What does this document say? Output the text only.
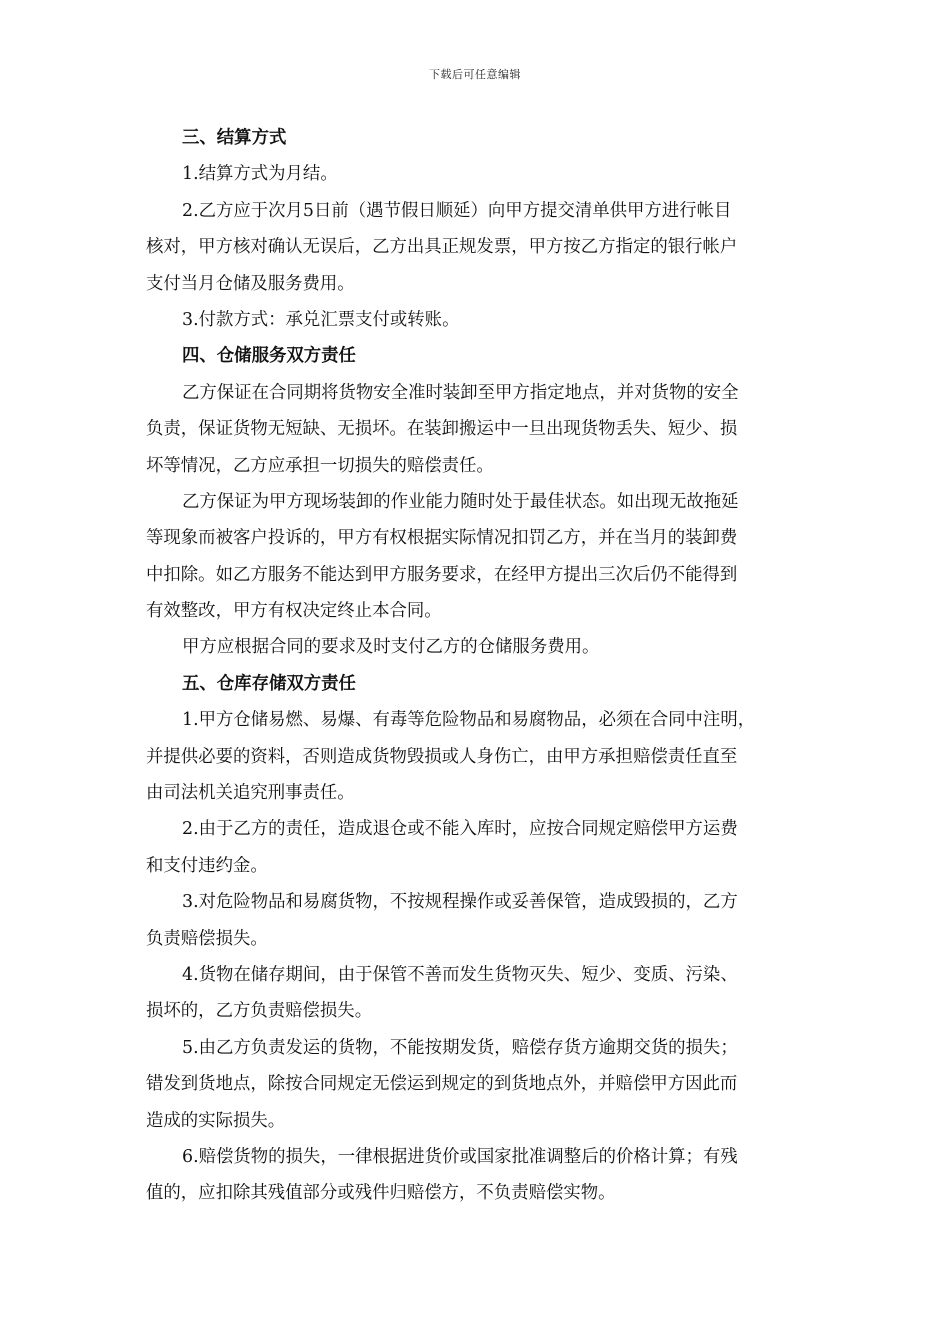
下载后可任意编辑
三、结算方式
1.结算方式为月结。
2.乙方应于次月5日前（遇节假日顺延）向甲方提交清单供甲方进行帐目
核对，甲方核对确认无误后，乙方出具正规发票，甲方按乙方指定的银行帐户
支付当月仓储及服务费用。
3.付款方式：承兑汇票支付或转账。
四、仓储服务双方责任
乙方保证在合同期将货物安全准时装卸至甲方指定地点，并对货物的安全
负责，保证货物无短缺、无损坏。在装卸搬运中一旦出现货物丢失、短少、损
坏等情况，乙方应承担一切损失的赔偿责任。
乙方保证为甲方现场装卸的作业能力随时处于最佳状态。如出现无故拖延
等现象而被客户投诉的，甲方有权根据实际情况扣罚乙方，并在当月的装卸费
中扣除。如乙方服务不能达到甲方服务要求，在经甲方提出三次后仍不能得到
有效整改，甲方有权决定终止本合同。
甲方应根据合同的要求及时支付乙方的仓储服务费用。
五、仓库存储双方责任
1.甲方仓储易燃、易爆、有毒等危险物品和易腐物品，必须在合同中注明，
并提供必要的资料，否则造成货物毁损或人身伤亡，由甲方承担赔偿责任直至
由司法机关追究刑事责任。
2.由于乙方的责任，造成退仓或不能入库时，应按合同规定赔偿甲方运费
和支付违约金。
3.对危险物品和易腐货物，不按规程操作或妥善保管，造成毁损的，乙方
负责赔偿损失。
4.货物在储存期间，由于保管不善而发生货物灭失、短少、变质、污染、
损坏的，乙方负责赔偿损失。
5.由乙方负责发运的货物，不能按期发货，赔偿存货方逾期交货的损失；
错发到货地点，除按合同规定无偿运到规定的到货地点外，并赔偿甲方因此而
造成的实际损失。
6.赔偿货物的损失，一律根据进货价或国家批准调整后的价格计算；有残
值的，应扣除其残值部分或残件归赔偿方，不负责赔偿实物。
